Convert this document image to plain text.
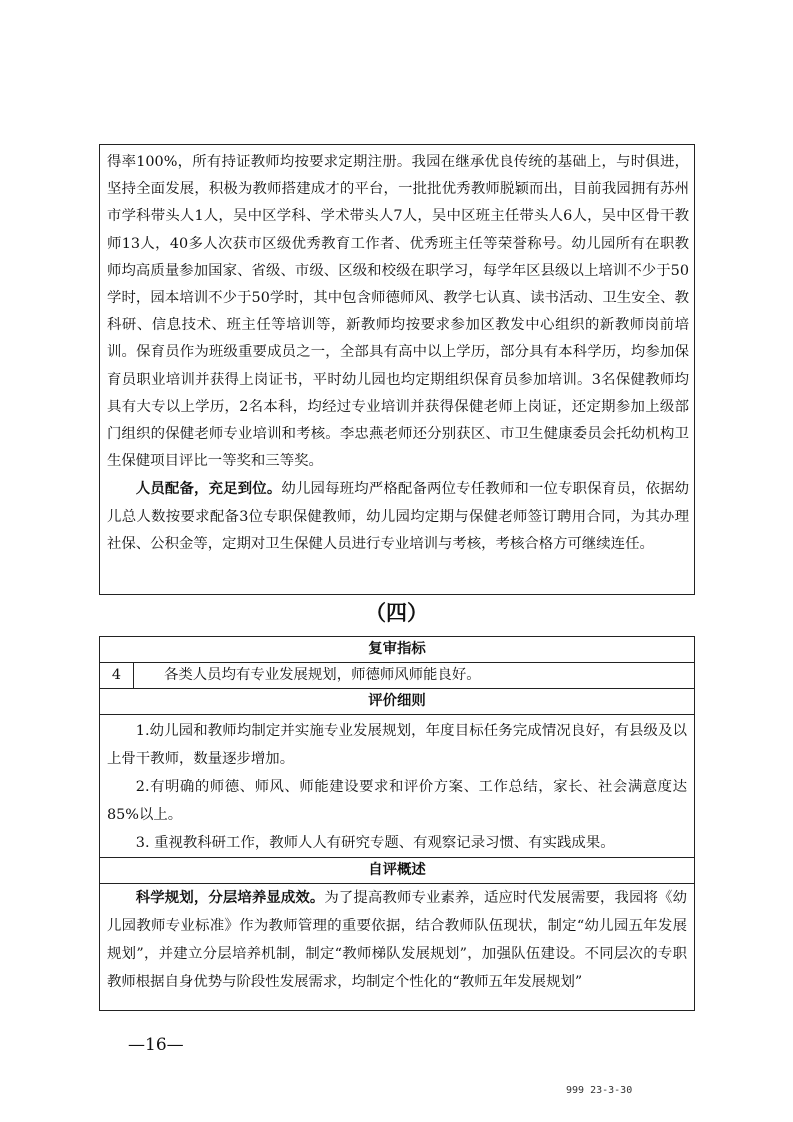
得率100%，所有持证教师均按要求定期注册。我园在继承优良传统的基础上，与时俱进，坚持全面发展，积极为教师搭建成才的平台，一批批优秀教师脱颖而出，目前我园拥有苏州市学科带头人1人，吴中区学科、学术带头人7人，吴中区班主任带头人6人，吴中区骨干教师13人，40多人次获市区级优秀教育工作者、优秀班主任等荣誉称号。幼儿园所有在职教师均高质量参加国家、省级、市级、区级和校级在职学习，每学年区县级以上培训不少于50学时，园本培训不少于50学时，其中包含师德师风、教学七认真、读书活动、卫生安全、教科研、信息技术、班主任等培训等，新教师均按要求参加区教发中心组织的新教师岗前培训。保育员作为班级重要成员之一，全部具有高中以上学历，部分具有本科学历，均参加保育员职业培训并获得上岗证书，平时幼儿园也均定期组织保育员参加培训。3名保健教师均具有大专以上学历，2名本科，均经过专业培训并获得保健老师上岗证，还定期参加上级部门组织的保健老师专业培训和考核。李忠燕老师还分别获区、市卫生健康委员会托幼机构卫生保健项目评比一等奖和三等奖。

人员配备，充足到位。幼儿园每班均严格配备两位专任教师和一位专职保育员，依据幼儿总人数按要求配备3位专职保健教师，幼儿园均定期与保健老师签订聘用合同，为其办理社保、公积金等，定期对卫生保健人员进行专业培训与考核，考核合格方可继续连任。

（四）
复审指标
4	各类人员均有专业发展规划，师德师风师能良好。
评价细则

1.幼儿园和教师均制定并实施专业发展规划，年度目标任务完成情况良好，有县级及以上骨干教师，数量逐步增加。

2.有明确的师德、师风、师能建设要求和评价方案、工作总结，家长、社会满意度达85%以上。

3. 重视教科研工作，教师人人有研究专题、有观察记录习惯、有实践成果。

自评概述

科学规划，分层培养显成效。为了提高教师专业素养，适应时代发展需要，我园将《幼儿园教师专业标准》作为教师管理的重要依据，结合教师队伍现状，制定“幼儿园五年发展规划”，并建立分层培养机制，制定“教师梯队发展规划”，加强队伍建设。不同层次的专职教师根据自身优势与阶段性发展需求，均制定个性化的“教师五年发展规划”

—16—
999 23-3-30
